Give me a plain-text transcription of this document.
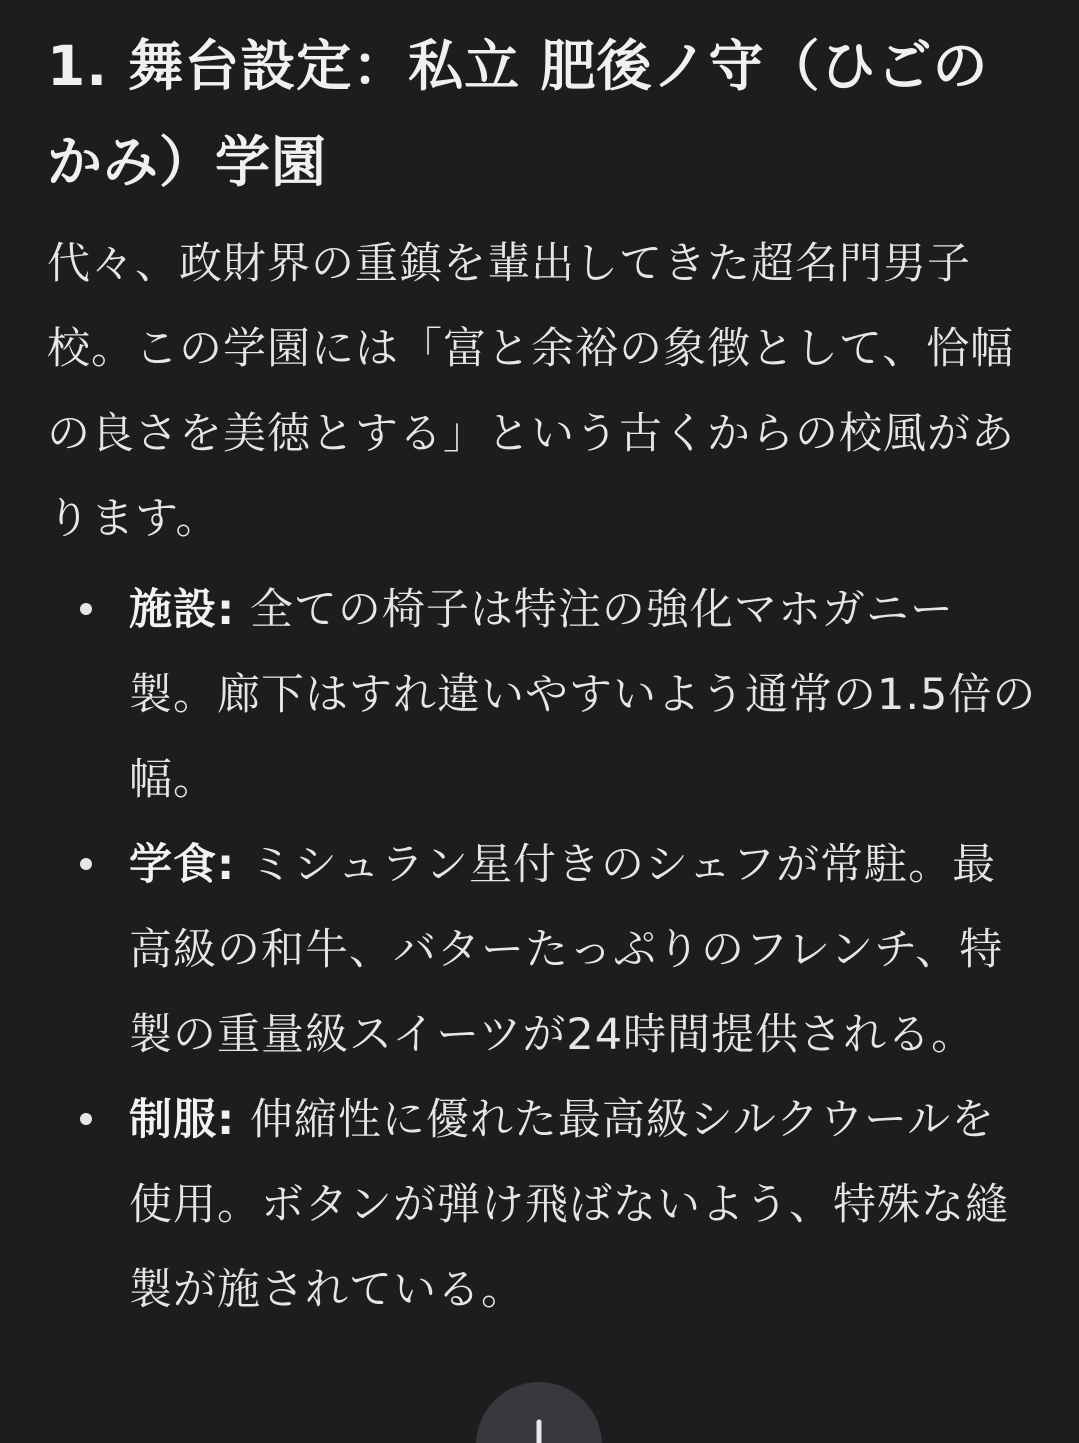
1. 舞台設定：私立 肥後ノ守（ひごのかみ）学園

代々、政財界の重鎮を輩出してきた超名門男子校。この学園には「富と余裕の象徴として、恰幅の良さを美徳とする」という古くからの校風があります。

施設: 全ての椅子は特注の強化マホガニー製。廊下はすれ違いやすいよう通常の1.5倍の幅。
学食: ミシュラン星付きのシェフが常駐。最高級の和牛、バターたっぷりのフレンチ、特製の重量級スイーツが24時間提供される。
制服: 伸縮性に優れた最高級シルクウールを使用。ボタンが弾け飛ばないよう、特殊な縫製が施されている。
